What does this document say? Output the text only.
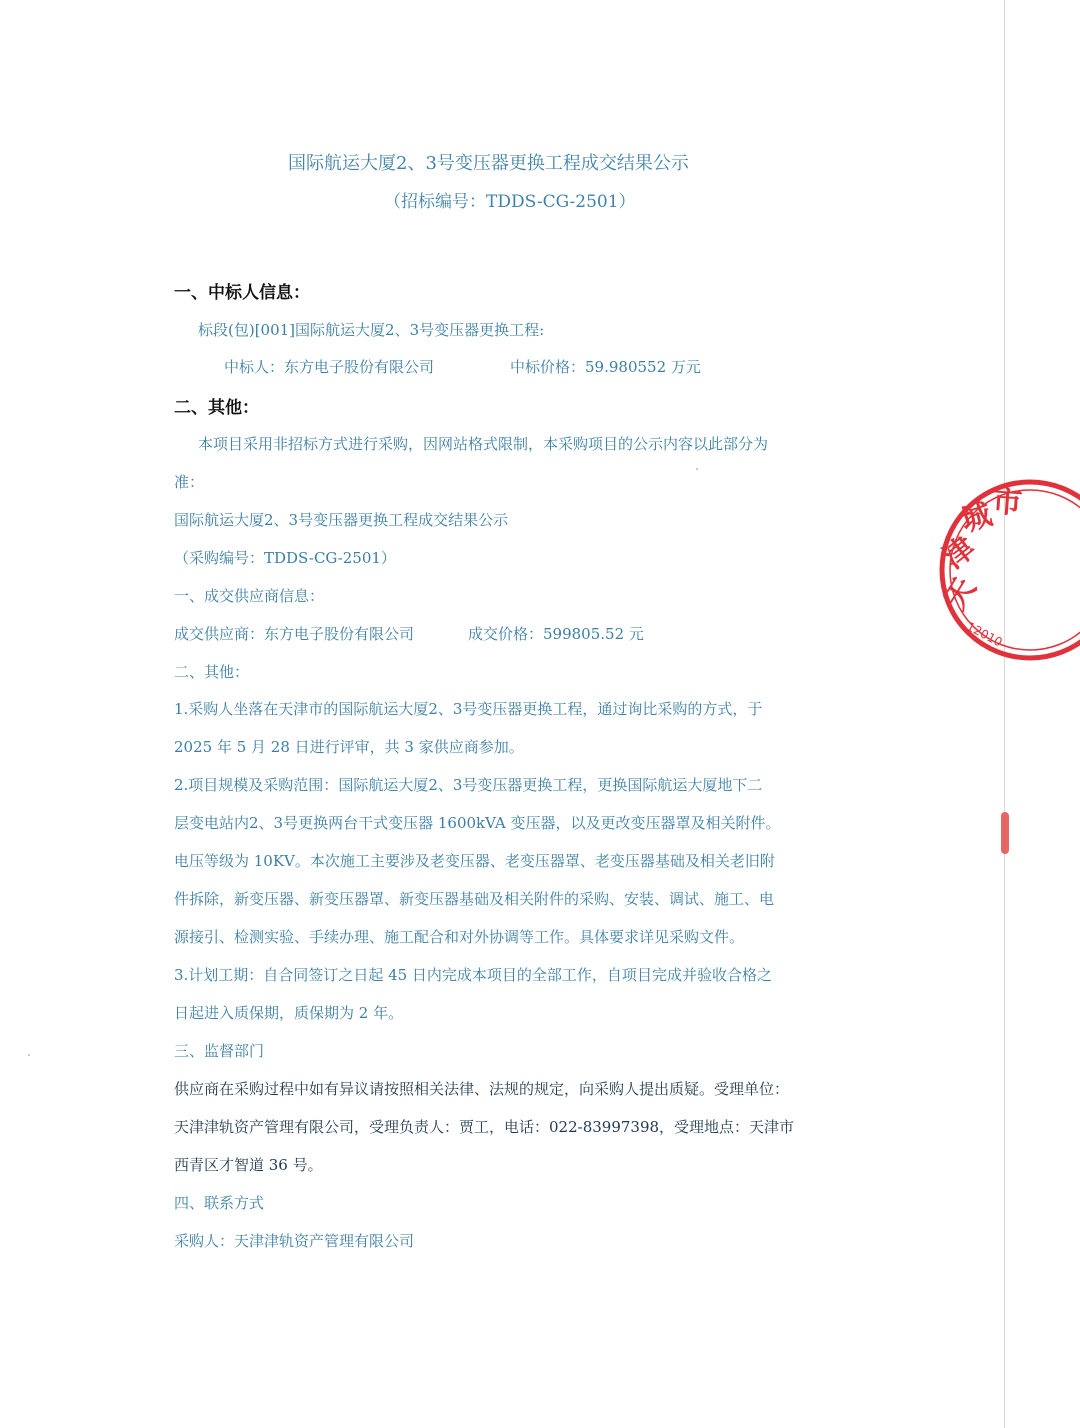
国际航运大厦2、3号变压器更换工程成交结果公示
（招标编号：TDDS-CG-2501）
一、中标人信息：
标段(包)[001]国际航运大厦2、3号变压器更换工程:
中标人：东方电子股份有限公司	中标价格：59.980552 万元
二、其他：
本项目采用非招标方式进行采购，因网站格式限制，本采购项目的公示内容以此部分为
准：
国际航运大厦2、3号变压器更换工程成交结果公示
（采购编号：TDDS-CG-2501）
一、成交供应商信息：
成交供应商：东方电子股份有限公司	成交价格：599805.52 元
二、其他：
1.采购人坐落在天津市的国际航运大厦2、3号变压器更换工程，通过询比采购的方式，于
2025 年 5 月 28 日进行评审，共 3 家供应商参加。
2.项目规模及采购范围：国际航运大厦2、3号变压器更换工程，更换国际航运大厦地下二
层变电站内2、3号更换两台干式变压器 1600kVA 变压器，以及更改变压器罩及相关附件。
电压等级为 10KV。本次施工主要涉及老变压器、老变压器罩、老变压器基础及相关老旧附
件拆除，新变压器、新变压器罩、新变压器基础及相关附件的采购、安装、调试、施工、电
源接引、检测实验、手续办理、施工配合和对外协调等工作。具体要求详见采购文件。
3.计划工期：自合同签订之日起 45 日内完成本项目的全部工作，自项目完成并验收合格之
日起进入质保期，质保期为 2 年。
三、监督部门
供应商在采购过程中如有异议请按照相关法律、法规的规定，向采购人提出质疑。受理单位：
天津津轨资产管理有限公司，受理负责人：贾工，电话：022-83997398，受理地点：天津市
西青区才智道 36 号。
四、联系方式
采购人：天津津轨资产管理有限公司
天
津
城
市
12010
